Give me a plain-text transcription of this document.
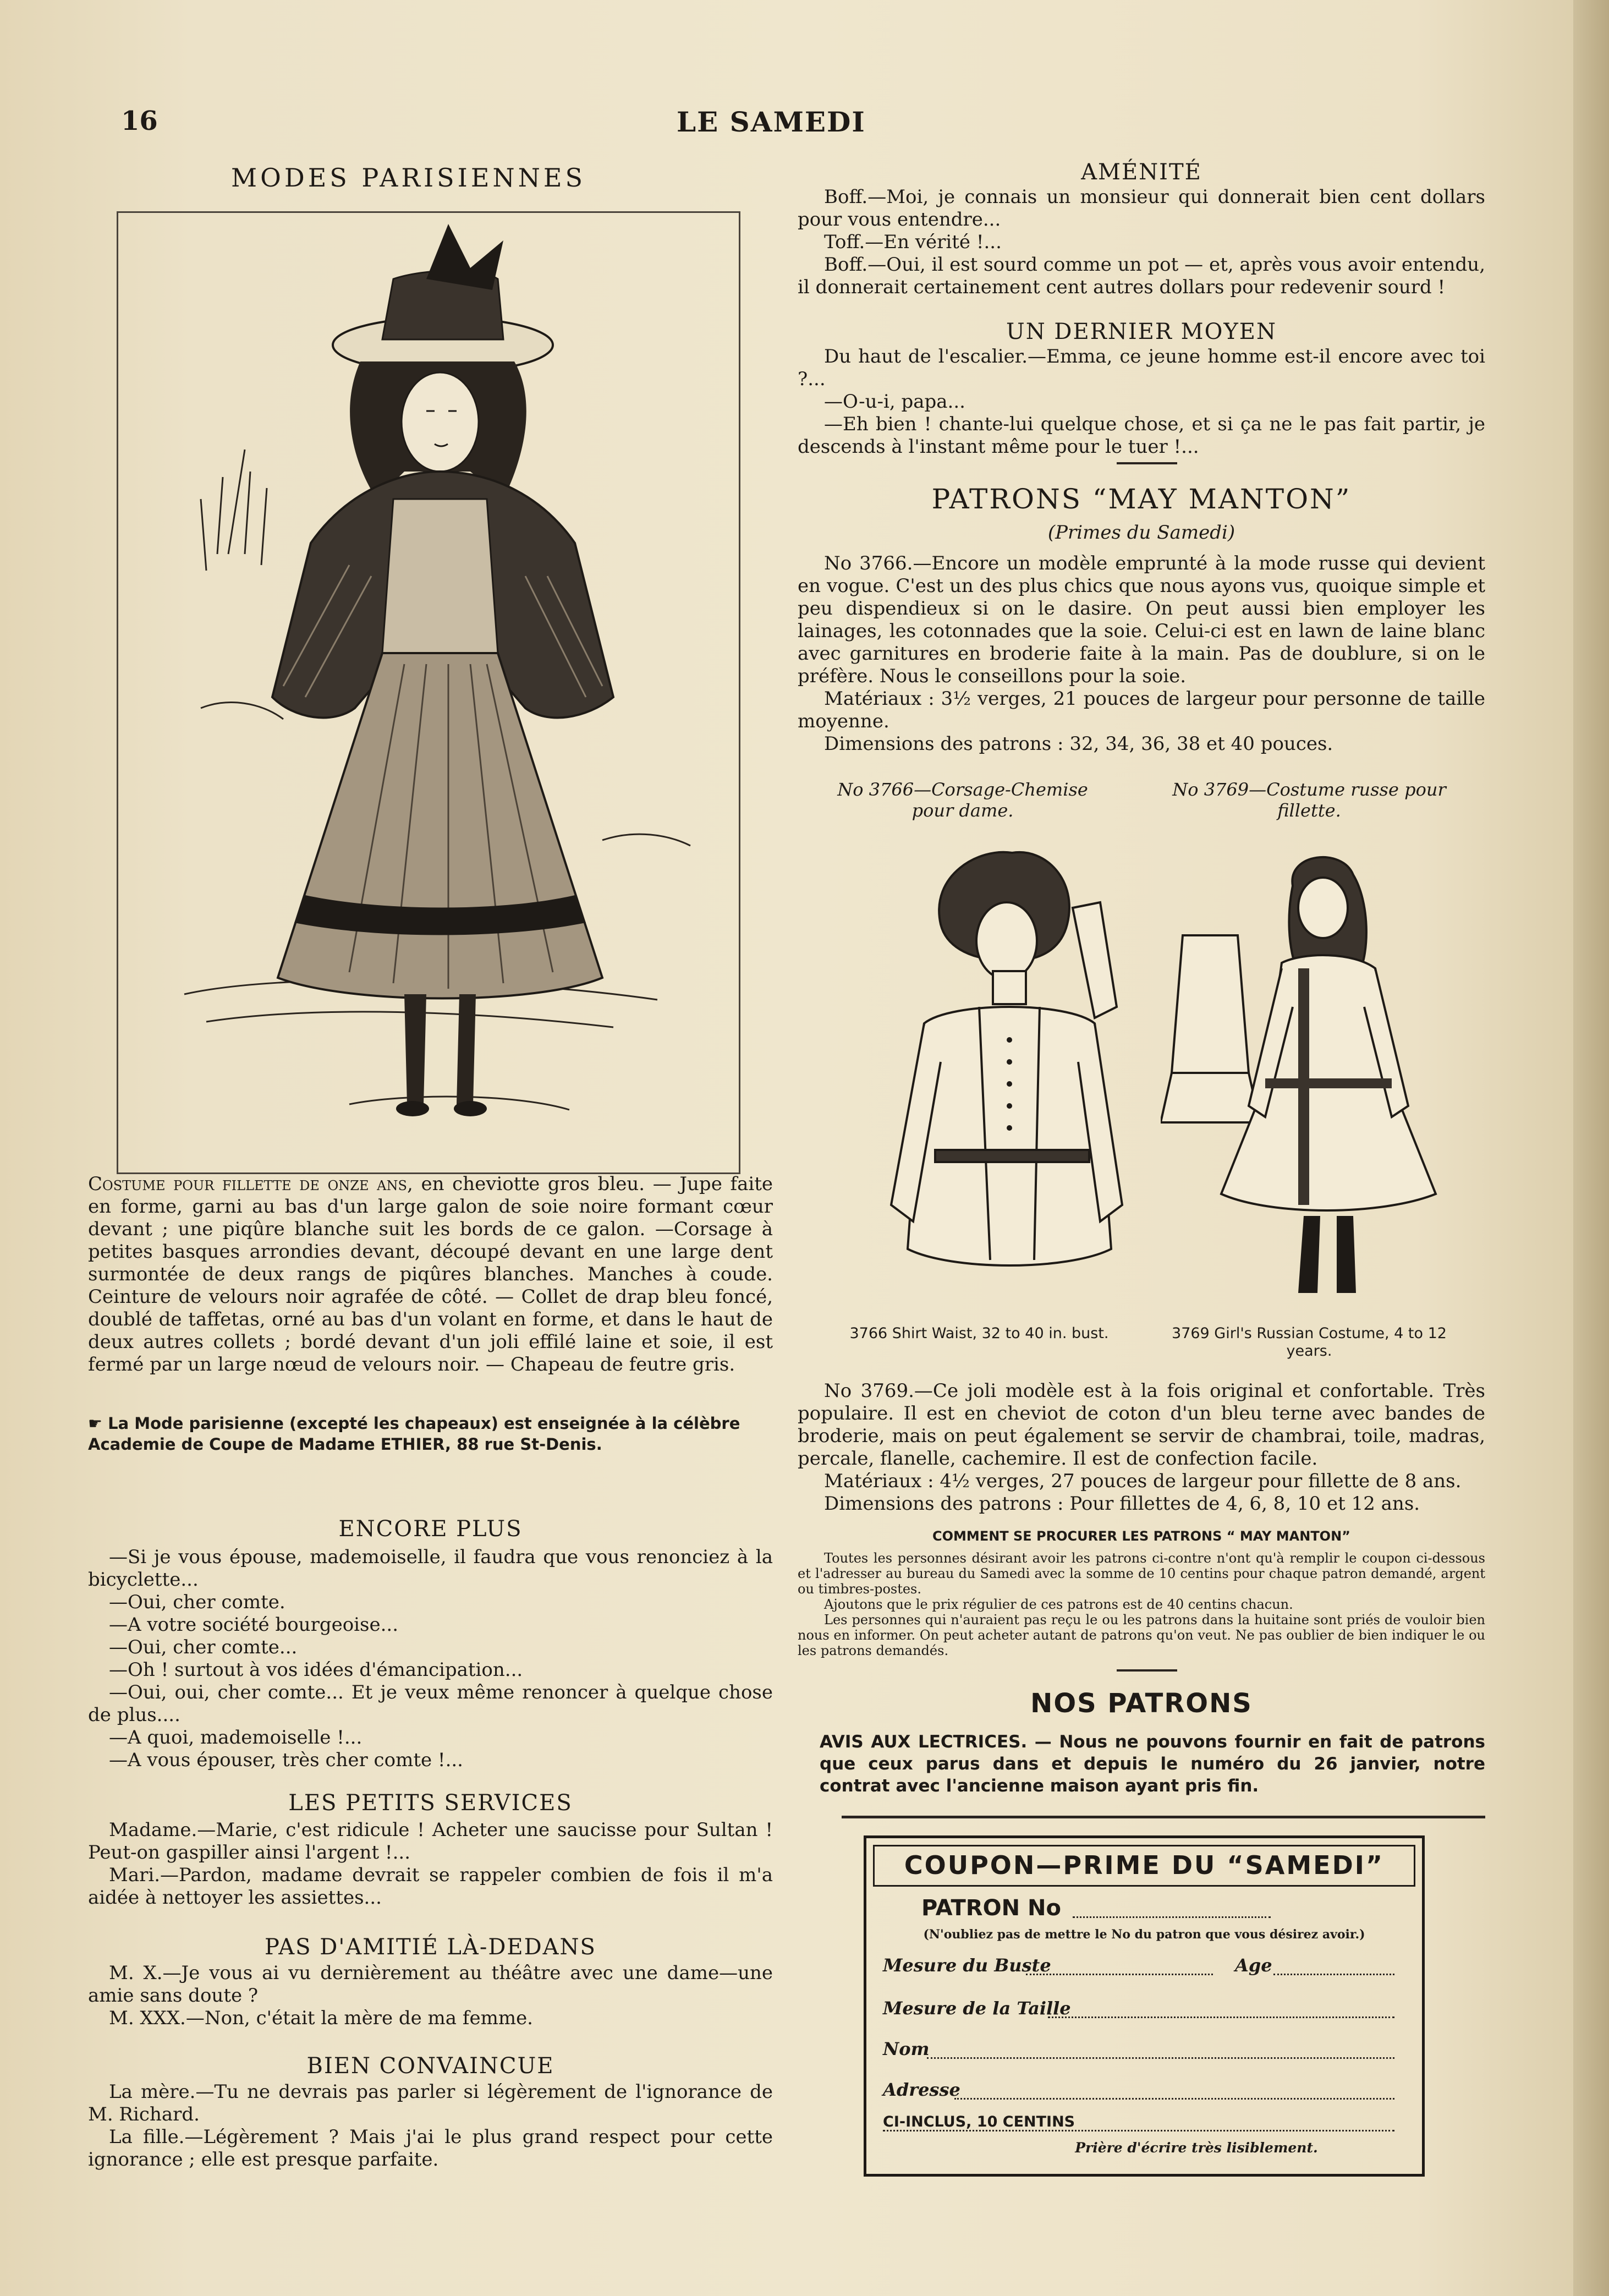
16	LE SAMEDI
MODES PARISIENNES
Costume pour fillette de onze ans, en cheviotte gros bleu. — Jupe faite en forme, garni au bas d'un large galon de soie noire formant cœur devant ; une piqûre blanche suit les bords de ce galon. —Corsage à petites basques arrondies devant, découpé devant en une large dent surmontée de deux rangs de piqûres blanches. Manches à coude. Ceinture de velours noir agrafée de côté. — Collet de drap bleu foncé, doublé de taffetas, orné au bas d'un volant en forme, et dans le haut de deux autres collets ; bordé devant d'un joli effilé laine et soie, il est fermé par un large nœud de velours noir. — Chapeau de feutre gris.
☛ La Mode parisienne (excepté les chapeaux) est enseignée à la célèbre Academie de Coupe de Madame ETHIER, 88 rue St-Denis.
ENCORE PLUS
—Si je vous épouse, mademoiselle, il faudra que vous renonciez à la bicyclette...
—Oui, cher comte.
—A votre société bourgeoise...
—Oui, cher comte...
—Oh ! surtout à vos idées d'émancipation...
—Oui, oui, cher comte... Et je veux même renoncer à quelque chose de plus....
—A quoi, mademoiselle !...
—A vous épouser, très cher comte !...
LES PETITS SERVICES
Madame.—Marie, c'est ridicule ! Acheter une saucisse pour Sultan ! Peut-on gaspiller ainsi l'argent !...
Mari.—Pardon, madame devrait se rappeler combien de fois il m'a aidée à nettoyer les assiettes...
PAS D'AMITIÉ LÀ-DEDANS
M. X.—Je vous ai vu dernièrement au théâtre avec une dame—une amie sans doute ?
M. XXX.—Non, c'était la mère de ma femme.
BIEN CONVAINCUE
La mère.—Tu ne devrais pas parler si légèrement de l'ignorance de M. Richard.
La fille.—Légèrement ? Mais j'ai le plus grand respect pour cette ignorance ; elle est presque parfaite.
AMÉNITÉ
Boff.—Moi, je connais un monsieur qui donnerait bien cent dollars pour vous entendre...
Toff.—En vérité !...
Boff.—Oui, il est sourd comme un pot — et, après vous avoir entendu, il donnerait certainement cent autres dollars pour redevenir sourd !
UN DERNIER MOYEN
Du haut de l'escalier.—Emma, ce jeune homme est-il encore avec toi ?...
—O-u-i, papa...
—Eh bien ! chante-lui quelque chose, et si ça ne le pas fait partir, je descends à l'instant même pour le tuer !...
PATRONS “MAY MANTON”
(Primes du Samedi)
No 3766.—Encore un modèle emprunté à la mode russe qui devient en vogue. C'est un des plus chics que nous ayons vus, quoique simple et peu dispendieux si on le dasire. On peut aussi bien employer les lainages, les cotonnades que la soie. Celui-ci est en lawn de laine blanc avec garnitures en broderie faite à la main. Pas de doublure, si on le préfère. Nous le conseillons pour la soie.
Matériaux : 3½ verges, 21 pouces de largeur pour personne de taille moyenne.
Dimensions des patrons : 32, 34, 36, 38 et 40 pouces.
No 3766—Corsage-Chemise pour dame.
No 3769—Costume russe pour fillette.
3766 Shirt Waist, 32 to 40 in. bust.	3769 Girl's Russian Costume, 4 to 12 years.
No 3769.—Ce joli modèle est à la fois original et confortable. Très populaire. Il est en cheviot de coton d'un bleu terne avec bandes de broderie, mais on peut également se servir de chambrai, toile, madras, percale, flanelle, cachemire. Il est de confection facile.
Matériaux : 4½ verges, 27 pouces de largeur pour fillette de 8 ans.
Dimensions des patrons : Pour fillettes de 4, 6, 8, 10 et 12 ans.
COMMENT SE PROCURER LES PATRONS “ MAY MANTON”
Toutes les personnes désirant avoir les patrons ci-contre n'ont qu'à remplir le coupon ci-dessous et l'adresser au bureau du Samedi avec la somme de 10 centins pour chaque patron demandé, argent ou timbres-postes.
Ajoutons que le prix régulier de ces patrons est de 40 centins chacun.
Les personnes qui n'auraient pas reçu le ou les patrons dans la huitaine sont priés de vouloir bien nous en informer. On peut acheter autant de patrons qu'on veut. Ne pas oublier de bien indiquer le ou les patrons demandés.
NOS PATRONS
AVIS AUX LECTRICES. — Nous ne pouvons fournir en fait de patrons que ceux parus dans et depuis le numéro du 26 janvier, notre contrat avec l'ancienne maison ayant pris fin.
COUPON—PRIME DU “SAMEDI”
PATRON No
(N'oubliez pas de mettre le No du patron que vous désirez avoir.)
Mesure du Buste	Age
Mesure de la Taille
Nom
Adresse
CI-INCLUS, 10 CENTINS
Prière d'écrire très lisiblement.
